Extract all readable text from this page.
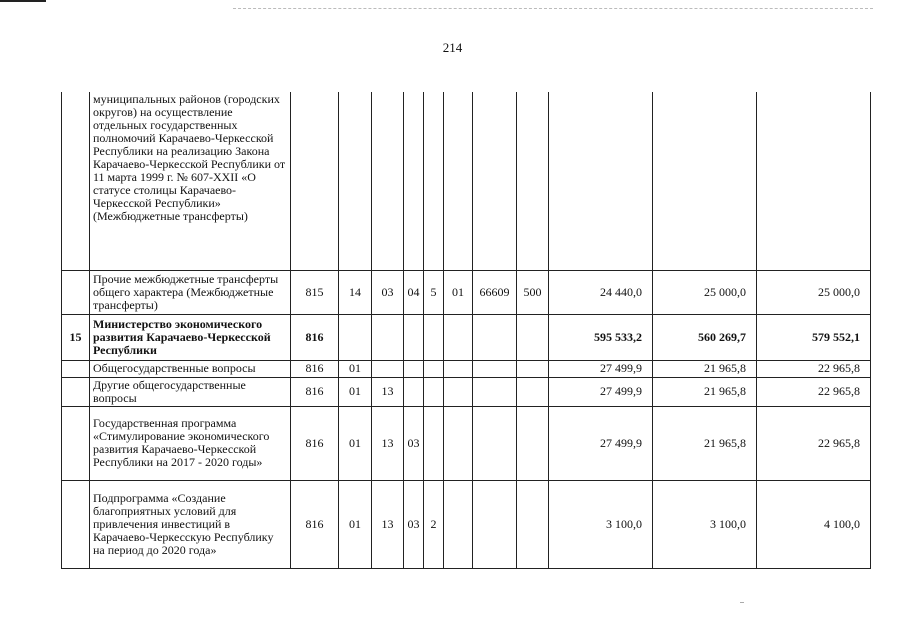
214
	муниципальных районов (городских округов) на осуществление отдельных государственных полномочий Карачаево-Черкесской Республики на реализацию Закона Карачаево-Черкесской Республики от 11 марта 1999 г. № 607-XXII «О статусе столицы Карачаево-Черкесской Республики» (Межбюджетные трансферты)											
	Прочие межбюджетные трансферты общего характера (Межбюджетные трансферты)	815	14	03	04	5	01	66609	500	24 440,0	25 000,0	25 000,0
15	Министерство экономического развития Карачаево-Черкесской Республики	816								595 533,2	560 269,7	579 552,1
	Общегосударственные вопросы	816	01							27 499,9	21 965,8	22 965,8
	Другие общегосударственные вопросы	816	01	13						27 499,9	21 965,8	22 965,8
	Государственная программа «Стимулирование экономического развития Карачаево-Черкесской Республики на 2017 - 2020 годы»	816	01	13	03					27 499,9	21 965,8	22 965,8
	Подпрограмма «Создание благоприятных условий для привлечения инвестиций в Карачаево-Черкесскую Республику на период до 2020 года»	816	01	13	03	2				3 100,0	3 100,0	4 100,0
